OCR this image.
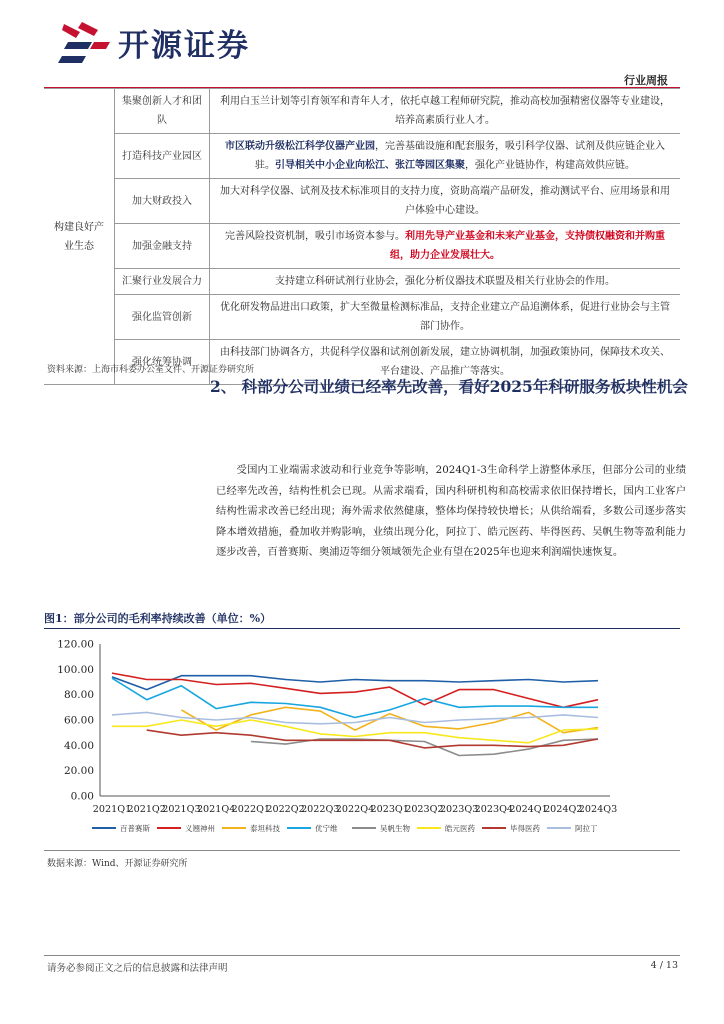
开源证券
行业周报
构建良好产业生态	集聚创新人才和团队	利用白玉兰计划等引育领军和青年人才，依托卓越工程师研究院，推动高校加强精密仪器等专业建设，培养高素质行业人才。
	打造科技产业园区	市区联动升级松江科学仪器产业园，完善基础设施和配套服务，吸引科学仪器、试剂及供应链企业入驻。引导相关中小企业向松江、张江等园区集聚，强化产业链协作，构建高效供应链。
	加大财政投入	加大对科学仪器、试剂及技术标准项目的支持力度，资助高端产品研发，推动测试平台、应用场景和用户体验中心建设。
	加强金融支持	完善风险投资机制，吸引市场资本参与。利用先导产业基金和未来产业基金，支持债权融资和并购重组，助力企业发展壮大。
	汇聚行业发展合力	支持建立科研试剂行业协会，强化分析仪器技术联盟及相关行业协会的作用。
	强化监管创新	优化研发物品进出口政策，扩大至微量检测标准品，支持企业建立产品追溯体系，促进行业协会与主管部门协作。
	强化统筹协调	由科技部门协调各方，共促科学仪器和试剂创新发展，建立协调机制，加强政策协同，保障技术攻关、平台建设、产品推广等落实。
资料来源：上海市科委办公室文件、开源证券研究所
2、 科部分公司业绩已经率先改善，看好2025年科研服务板块性机会
受国内工业端需求波动和行业竞争等影响，2024Q1-3生命科学上游整体承压，但部分公司的业绩已经率先改善，结构性机会已现。从需求端看，国内科研机构和高校需求依旧保持增长，国内工业客户结构性需求改善已经出现；海外需求依然健康，整体均保持较快增长；从供给端看，多数公司逐步落实降本增效措施，叠加收并购影响，业绩出现分化，阿拉丁、皓元医药、毕得医药、吴帆生物等盈利能力逐步改善，百普赛斯、奥浦迈等细分领域领先企业有望在2025年也迎来利润端快速恢复。
图1：部分公司的毛利率持续改善（单位：%）
0.00
20.00
40.00
60.00
80.00
100.00
120.00
2021Q1
2021Q2
2021Q3
2021Q4
2022Q1
2022Q2
2022Q3
2022Q4
2023Q1
2023Q2
2023Q3
2023Q4
2024Q1
2024Q2
2024Q3
百普赛斯	义翘神州	泰坦科技	优宁维	吴帆生物	皓元医药	毕得医药	阿拉丁
数据来源：Wind、开源证券研究所
请务必参阅正文之后的信息披露和法律声明	4 / 13
